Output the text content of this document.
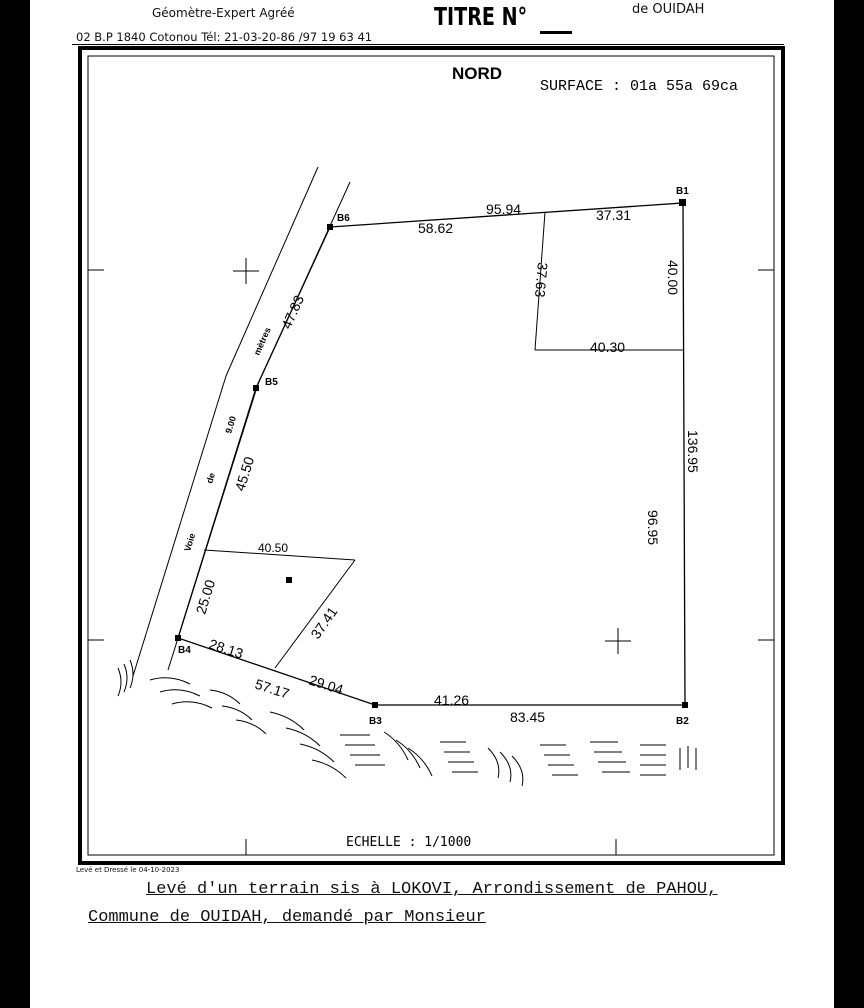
Géomètre-Expert Agréé
02 B.P 1840 Cotonou Tél: 21-03-20-86 /97 19 63 41
TITRE N°	de OUIDAH
B1
B2
B3
B4
B5
B6
NORD
SURFACE : 01a 55a 69ca
95.94
58.62
37.31
40.30
41.26
83.45
40.00
136.95
96.95
37.63
47.83
45.50
25.00
28.13
57.17 29.04
37.41
40.50
Voie
de
9.00
mètres
ECHELLE : 1/1000
Levé et Dressé le 04-10-2023
Levé d'un terrain sis à LOKOVI, Arrondissement de PAHOU,
Commune de OUIDAH, demandé par Monsieur
